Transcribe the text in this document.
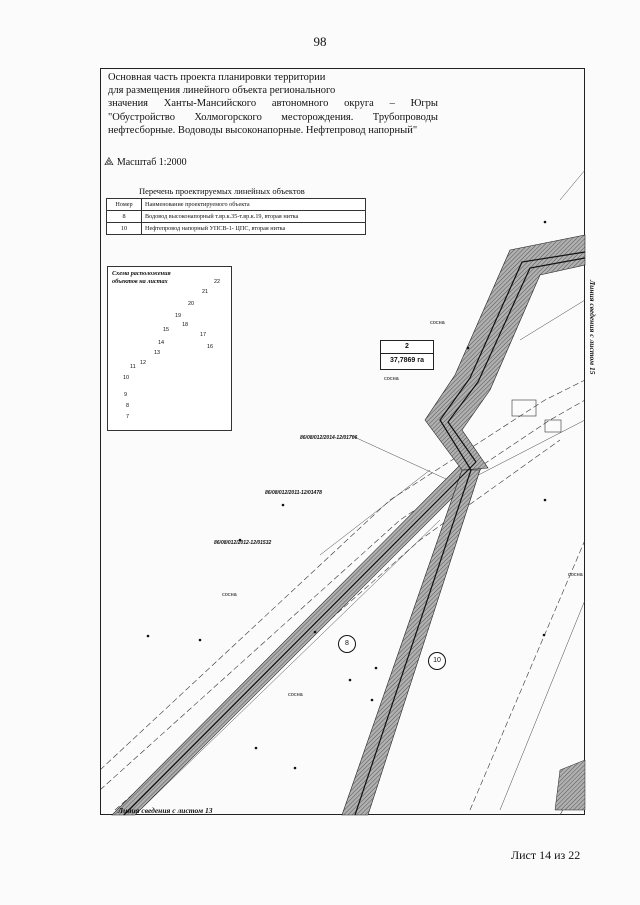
98
Основная часть проекта планировки территории
для размещения линейного объекта регионального
значения Ханты-Мансийского автономного округа – Югры
"Обустройство Холмогорского месторождения. Трубопроводы
нефтесборные. Водоводы высоконапорные. Нефтепровод напорный"
⟁ Масштаб 1:2000
Перечень проектируемых линейных объектов
Номер	Наименование проектируемого объекта
8	Водовод высоконапорный т.вр.к.35-т.вр.к.19, вторая нитка
10	Нефтепровод напорный УПСВ-1- ЦПС, вторая нитка
Схема расположения
объектов на листах	22
21
20
19
18
17
16
15
14
13
12
11
10
9
8
7
2
37,7869 га
86/08/012/2014-12/01706
86/08/012/2011-12/01478
86/08/012/2012-12/01532
сосна
сосна
сосна
сосна
сосна
8
10
Линия сведения с листом 13
Линия сведения с листом 15
Лист 14 из 22
